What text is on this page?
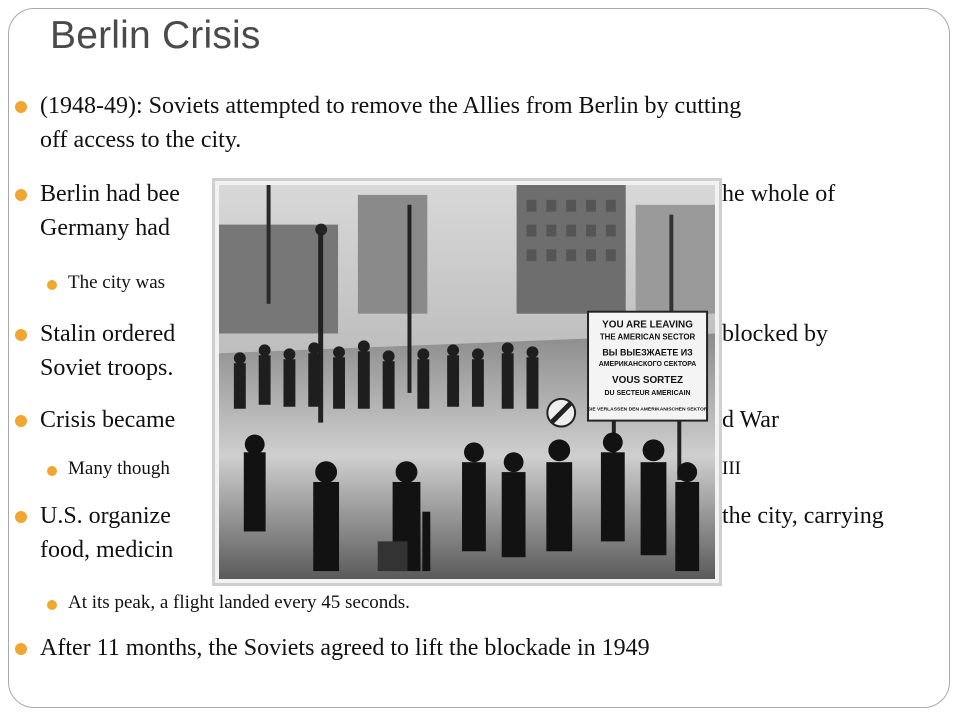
Berlin Crisis
(1948-49): Soviets attempted to remove the Allies from Berlin by cutting
off access to the city.
Berlin had bee
Germany had
he whole of
The city was
Stalin ordered
Soviet troops.
blocked by
Crisis became	d War
Many though	III
U.S. organize
food, medicin
the city, carrying
At its peak, a flight landed every 45 seconds.
After 11 months, the Soviets agreed to lift the blockade in 1949
YOU ARE LEAVING
THE AMERICAN SECTOR
ВЫ ВЫЕЗЖАЕТЕ ИЗ
АМЕРИКАНСКОГО СЕКТОРА
VOUS SORTEZ
DU SECTEUR AMERICAIN
SIE VERLASSEN DEN AMERIKANISCHEN SEKTOR
